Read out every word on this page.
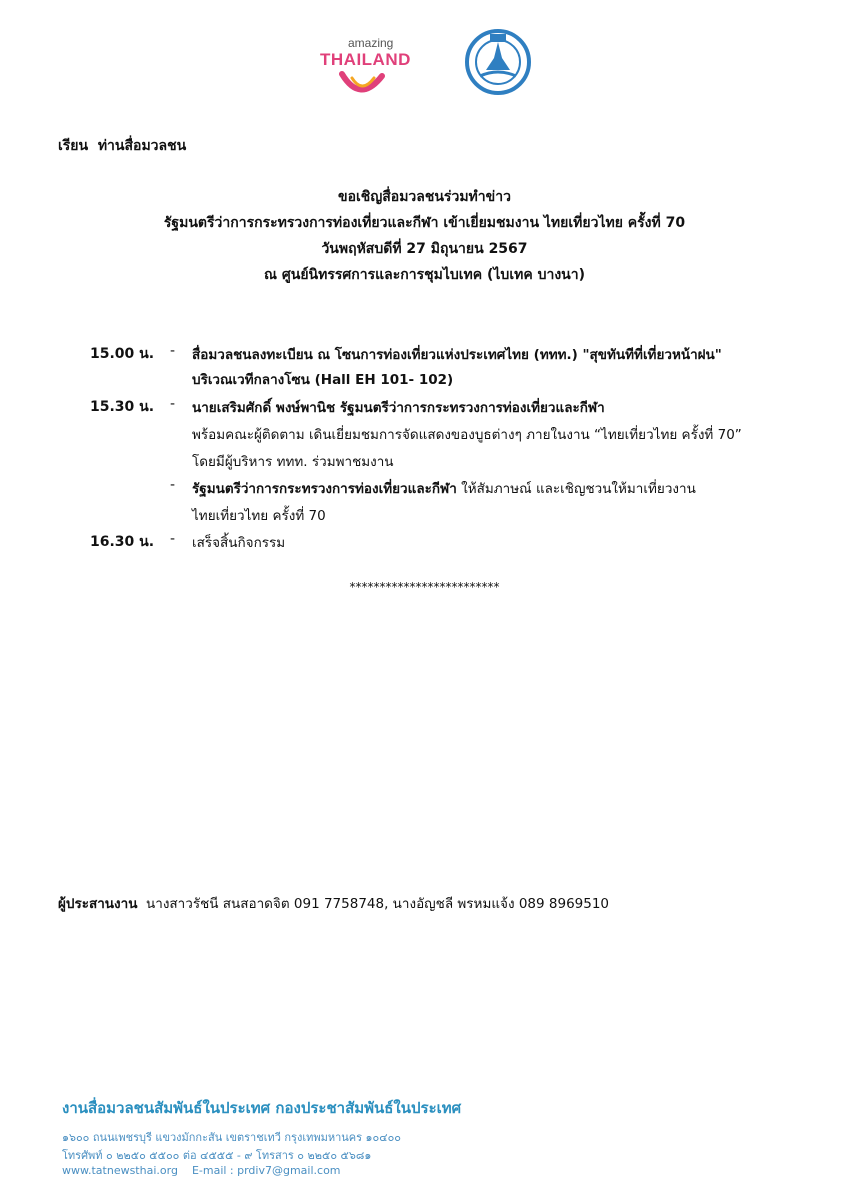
amazing
THAILAND
เรียน ท่านสื่อมวลชน
ขอเชิญสื่อมวลชนร่วมทำข่าว
รัฐมนตรีว่าการกระทรวงการท่องเที่ยวและกีฬา เข้าเยี่ยมชมงาน ไทยเที่ยวไทย ครั้งที่ 70
วันพฤหัสบดีที่ 27 มิถุนายน 2567
ณ ศูนย์นิทรรศการและการชุมไบเทค (ไบเทค บางนา)
15.00 น. - สื่อมวลชนลงทะเบียน ณ โซนการท่องเที่ยวแห่งประเทศไทย (ททท.) "สุขทันทีที่เที่ยวหน้าฝน"
บริเวณเวทีกลางโซน (Hall EH 101- 102)
15.30 น. - นายเสริมศักดิ์ พงษ์พานิช รัฐมนตรีว่าการกระทรวงการท่องเที่ยวและกีฬา
พร้อมคณะผู้ติดตาม เดินเยี่ยมชมการจัดแสดงของบูธต่างๆ ภายในงาน “ไทยเที่ยวไทย ครั้งที่ 70”
โดยมีผู้บริหาร ททท. ร่วมพาชมงาน
- รัฐมนตรีว่าการกระทรวงการท่องเที่ยวและกีฬา ให้สัมภาษณ์ และเชิญชวนให้มาเที่ยวงาน
ไทยเที่ยวไทย ครั้งที่ 70
16.30 น. - เสร็จสิ้นกิจกรรม
*************************
ผู้ประสานงาน นางสาวรัชนี สนสอาดจิต 091 7758748, นางอัญชลี พรหมแจ้ง 089 8969510
งานสื่อมวลชนสัมพันธ์ในประเทศ กองประชาสัมพันธ์ในประเทศ
๑๖๐๐ ถนนเพชรบุรี แขวงมักกะสัน เขตราชเทวี กรุงเทพมหานคร ๑๐๔๐๐
โทรศัพท์ ๐ ๒๒๕๐ ๕๕๐๐ ต่อ ๔๕๕๕ - ๙ โทรสาร ๐ ๒๒๕๐ ๕๖๘๑
www.tatnewsthai.org E-mail : prdiv7@gmail.com
